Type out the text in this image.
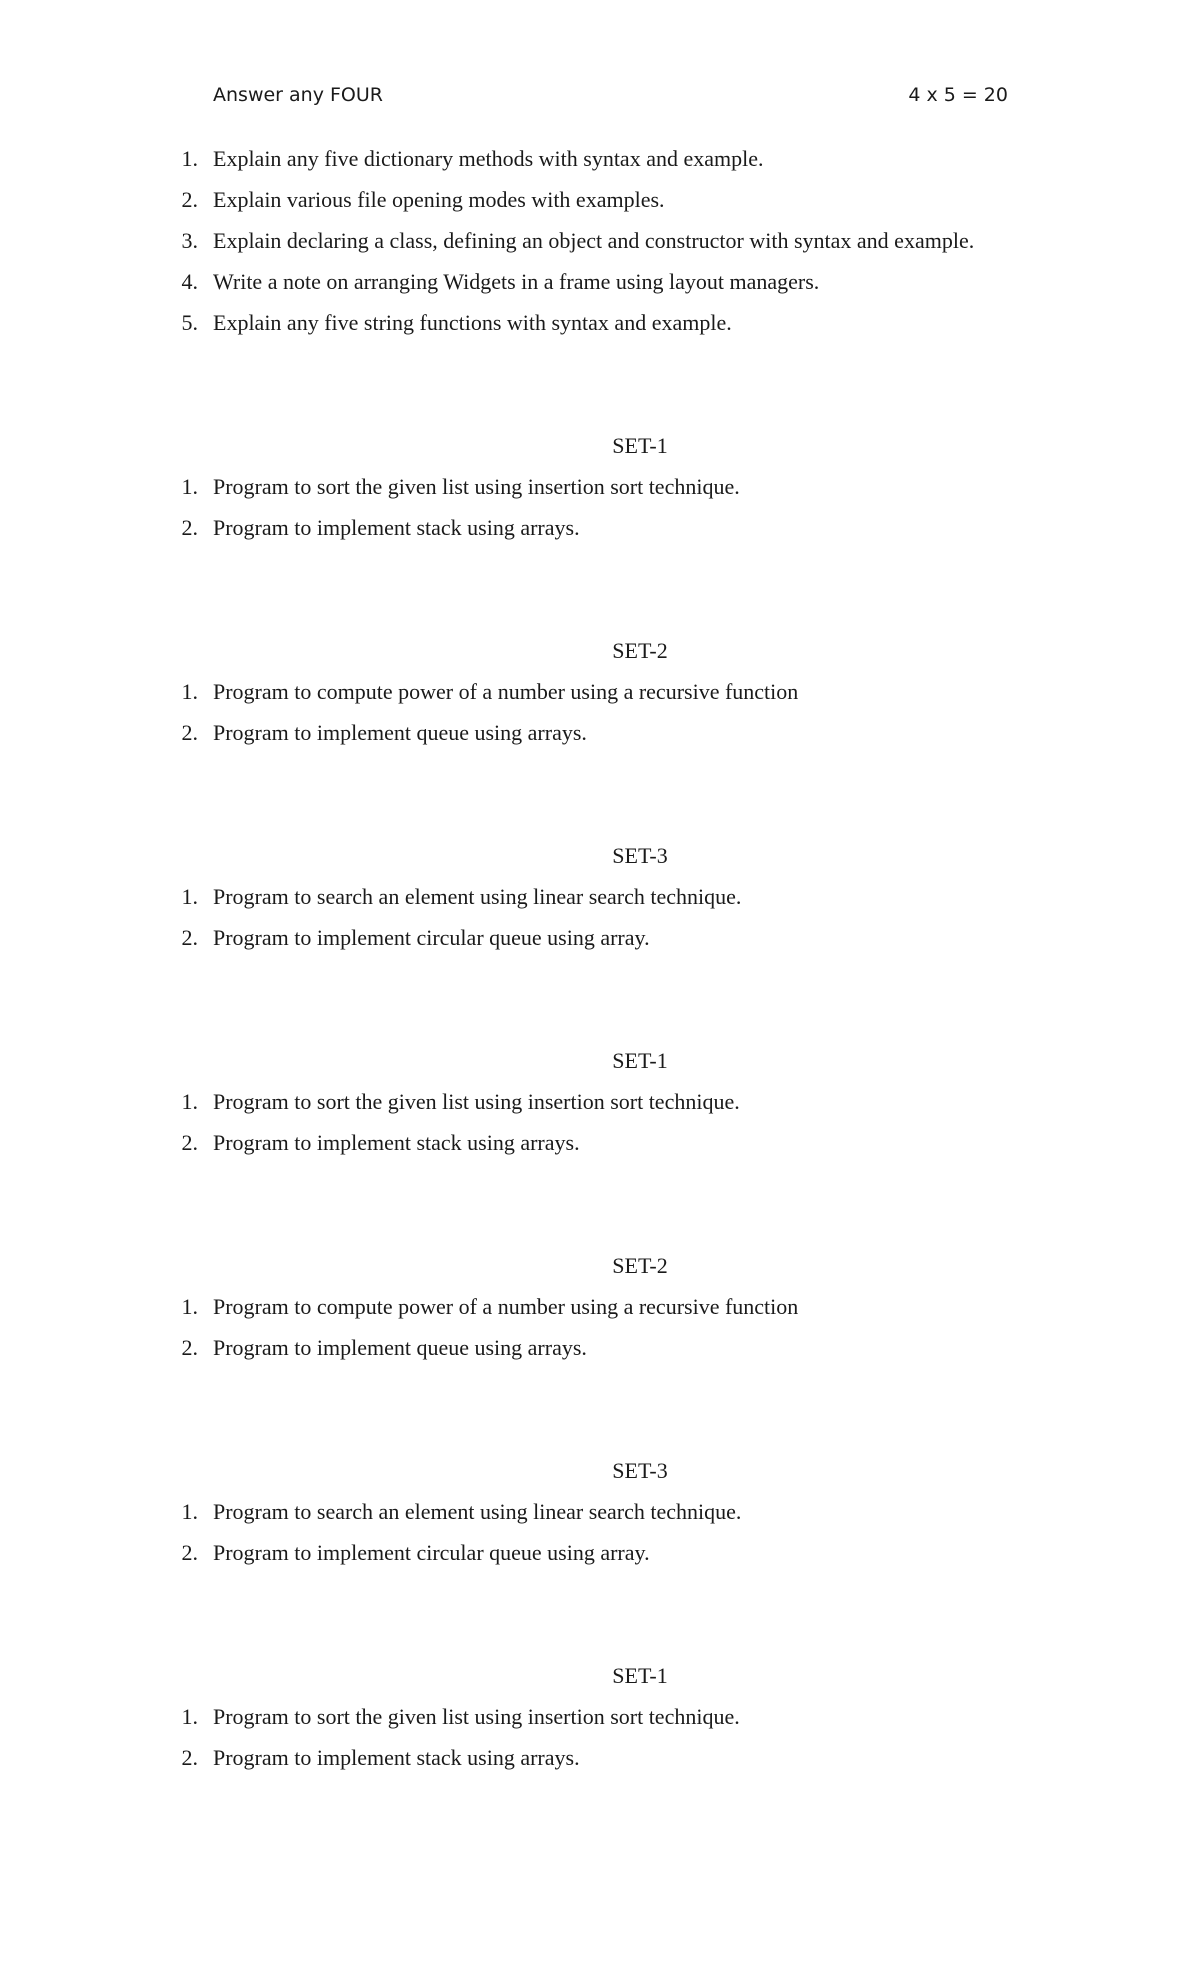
Answer any FOUR	4 x 5 = 20
1. Explain any five dictionary methods with syntax and example.
2. Explain various file opening modes with examples.
3. Explain declaring a class, defining an object and constructor with syntax and example.
4. Write a note on arranging Widgets in a frame using layout managers.
5. Explain any five string functions with syntax and example.
SET-1
1. Program to sort the given list using insertion sort technique.
2. Program to implement stack using arrays.
SET-2
1. Program to compute power of a number using a recursive function
2. Program to implement queue using arrays.
SET-3
1. Program to search an element using linear search technique.
2. Program to implement circular queue using array.
SET-1
1. Program to sort the given list using insertion sort technique.
2. Program to implement stack using arrays.
SET-2
1. Program to compute power of a number using a recursive function
2. Program to implement queue using arrays.
SET-3
1. Program to search an element using linear search technique.
2. Program to implement circular queue using array.
SET-1
1. Program to sort the given list using insertion sort technique.
2. Program to implement stack using arrays.
